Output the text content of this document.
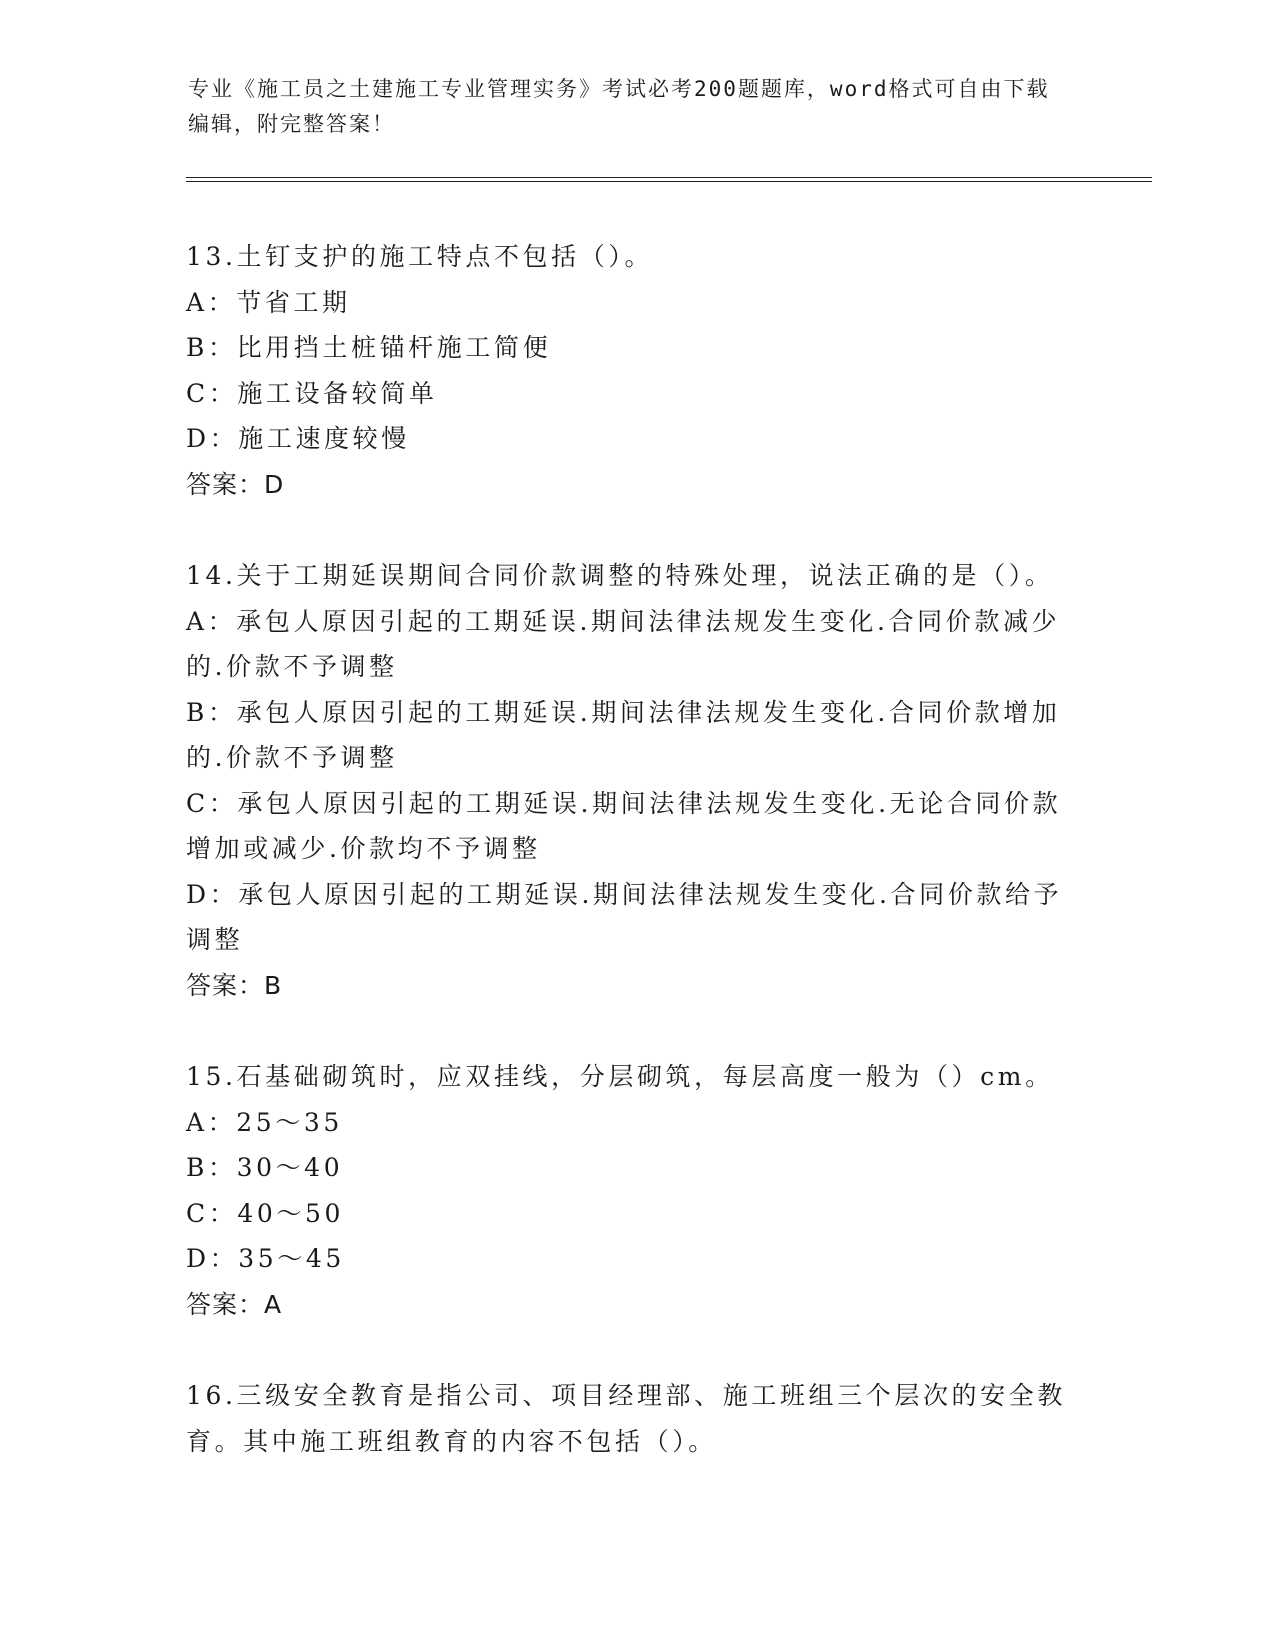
专业《施工员之土建施工专业管理实务》考试必考200题题库，word格式可自由下载编辑，附完整答案！
13.土钉支护的施工特点不包括（）。
A：节省工期
B：比用挡土桩锚杆施工简便
C：施工设备较简单
D：施工速度较慢
答案：D
14.关于工期延误期间合同价款调整的特殊处理，说法正确的是（）。
A：承包人原因引起的工期延误.期间法律法规发生变化.合同价款减少的.价款不予调整
B：承包人原因引起的工期延误.期间法律法规发生变化.合同价款增加的.价款不予调整
C：承包人原因引起的工期延误.期间法律法规发生变化.无论合同价款增加或减少.价款均不予调整
D：承包人原因引起的工期延误.期间法律法规发生变化.合同价款给予调整
答案：B
15.石基础砌筑时，应双挂线，分层砌筑，每层高度一般为（）cm。
A：25～35
B：30～40
C：40～50
D：35～45
答案：A
16.三级安全教育是指公司、项目经理部、施工班组三个层次的安全教育。其中施工班组教育的内容不包括（）。
